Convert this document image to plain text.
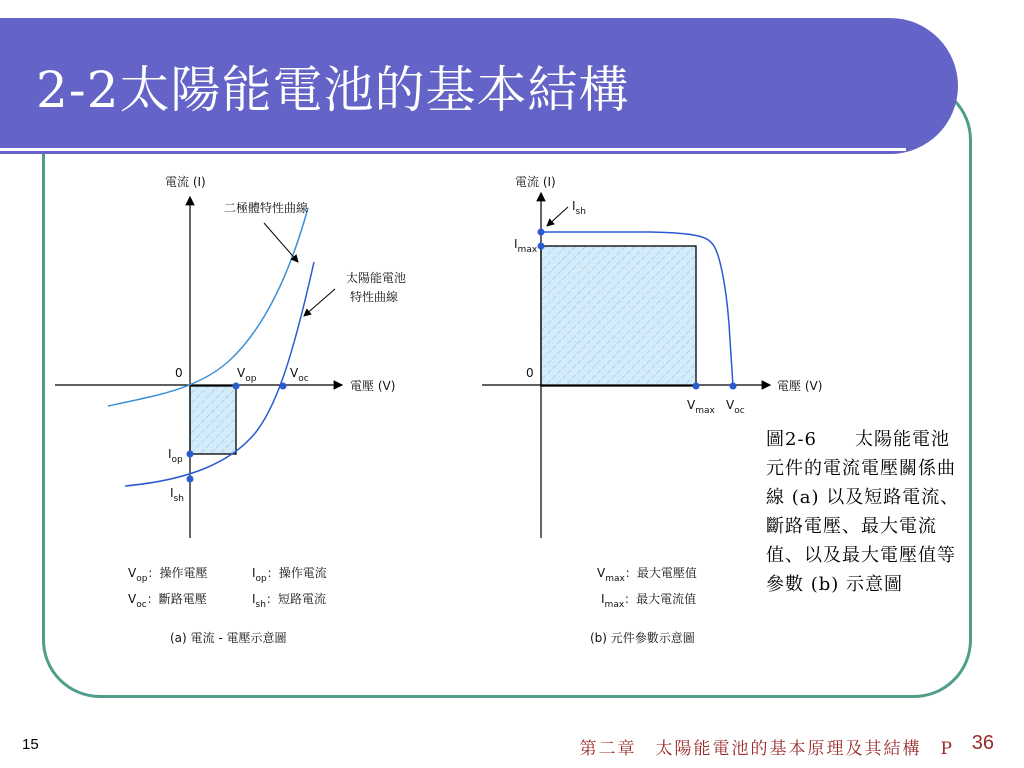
2-2太陽能電池的基本結構
電流 (I)
電壓 (V)
0
二極體特性曲線
太陽能電池
特性曲線
$V_{op}$	$V_{oc}$
$I_{op}$
$I_{sh}$
$V_{op}$：操作電壓	$I_{op}$：操作電流
$V_{oc}$：斷路電壓	$I_{sh}$：短路電流
(a) 電流 - 電壓示意圖
電流 (I)
電壓 (V)
0
$I_{sh}$
$I_{max}$
$V_{max}$ $V_{oc}$
$V_{max}$：最大電壓值
$I_{max}$：最大電流值
(b) 元件參數示意圖
圖2-6　　太陽能電池元件的電流電壓關係曲線 (a) 以及短路電流、斷路電壓、最大電流值、以及最大電壓值等參數 (b) 示意圖
15	第二章　太陽能電池的基本原理及其結構　P 36
